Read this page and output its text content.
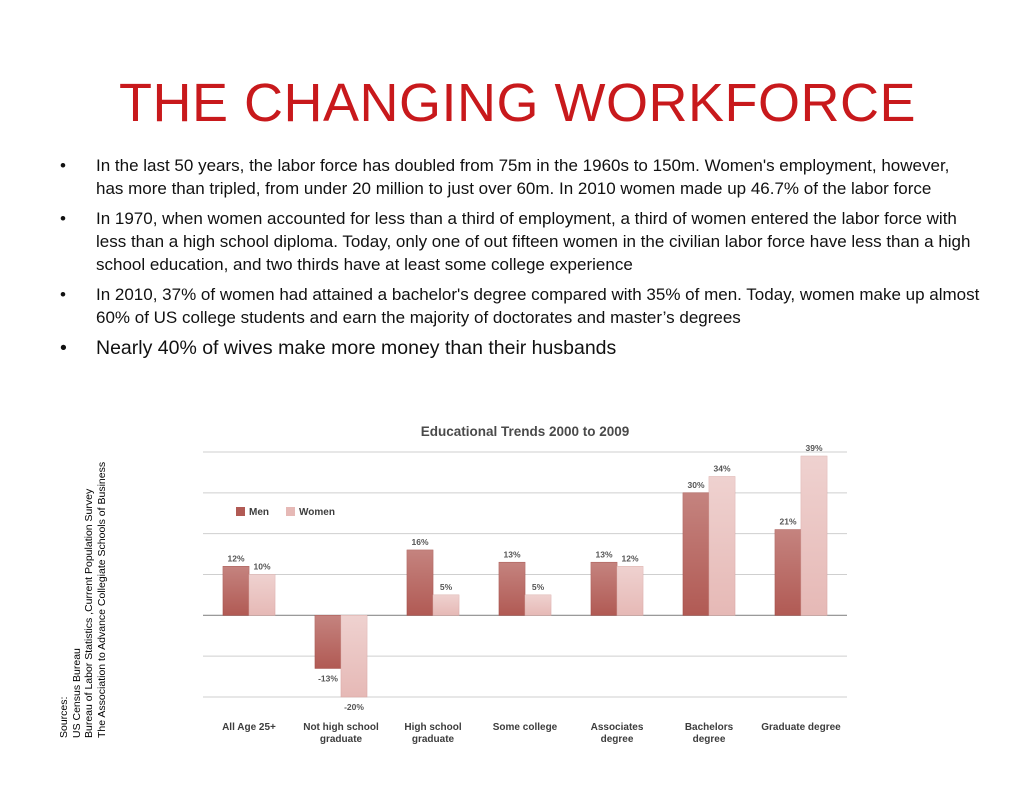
THE CHANGING WORKFORCE
•	In the last 50 years, the labor force has doubled from 75m in the 1960s to 150m. Women's employment, however, has more than tripled, from under 20 million to just over 60m. In 2010 women made up 46.7% of the labor force
•	In 1970, when women accounted for less than a third of employment, a third of women entered the labor force with less than a high school diploma. Today, only one of out fifteen women in the civilian labor force have less than a high school education, and two thirds have at least some college experience
•	In 2010, 37% of women had attained a bachelor's degree compared with 35% of men. Today, women make up almost 60% of US college students and earn the majority of doctorates and master’s degrees
•	Nearly 40% of wives make more money than their husbands
Sources: US Census Bureau Bureau of Labor Statistics ,Current Population Survey The Association to Advance Collegiate Schools of Business
Educational Trends 2000 to 2009
12%
10%
All Age 25+
-13%
-20%
Not high school
graduate
16%
5%
High school
graduate
13%
5%
Some college
13% 12%
Associates
degree
30%
34%
Bachelors
degree
21%
39%
Graduate degree
Men	Women
